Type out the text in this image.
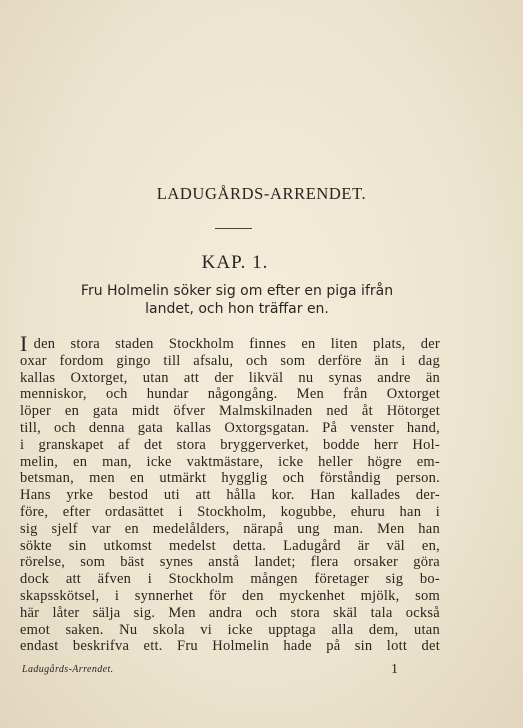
LADUGÅRDS-ARRENDET.
KAP. 1.
Fru Holmelin söker sig om efter en piga ifrån
landet, och hon träffar en.
Iden stora staden Stockholm finnes en liten plats, der
oxar fordom gingo till afsalu, och som derföre än i dag
kallas Oxtorget, utan att der likväl nu synas andre än
menniskor, och hundar någongång. Men från Oxtorget
löper en gata midt öfver Malmskilnaden ned åt Hötorget
till, och denna gata kallas Oxtorgsgatan. På venster hand,
i granskapet af det stora bryggerverket, bodde herr Hol-
melin, en man, icke vaktmästare, icke heller högre em-
betsman, men en utmärkt hygglig och förståndig person.
Hans yrke bestod uti att hålla kor. Han kallades der-
före, efter ordasättet i Stockholm, kogubbe, ehuru han i
sig sjelf var en medelålders, närapå ung man. Men han
sökte sin utkomst medelst detta. Ladugård är väl en,
rörelse, som bäst synes anstå landet; flera orsaker göra
dock att äfven i Stockholm mången företager sig bo-
skapsskötsel, i synnerhet för den myckenhet mjölk, som
här låter sälja sig. Men andra och stora skäl tala också
emot saken. Nu skola vi icke upptaga alla dem, utan
endast beskrifva ett. Fru Holmelin hade på sin lott det
Ladugårds-Arrendet.	1
